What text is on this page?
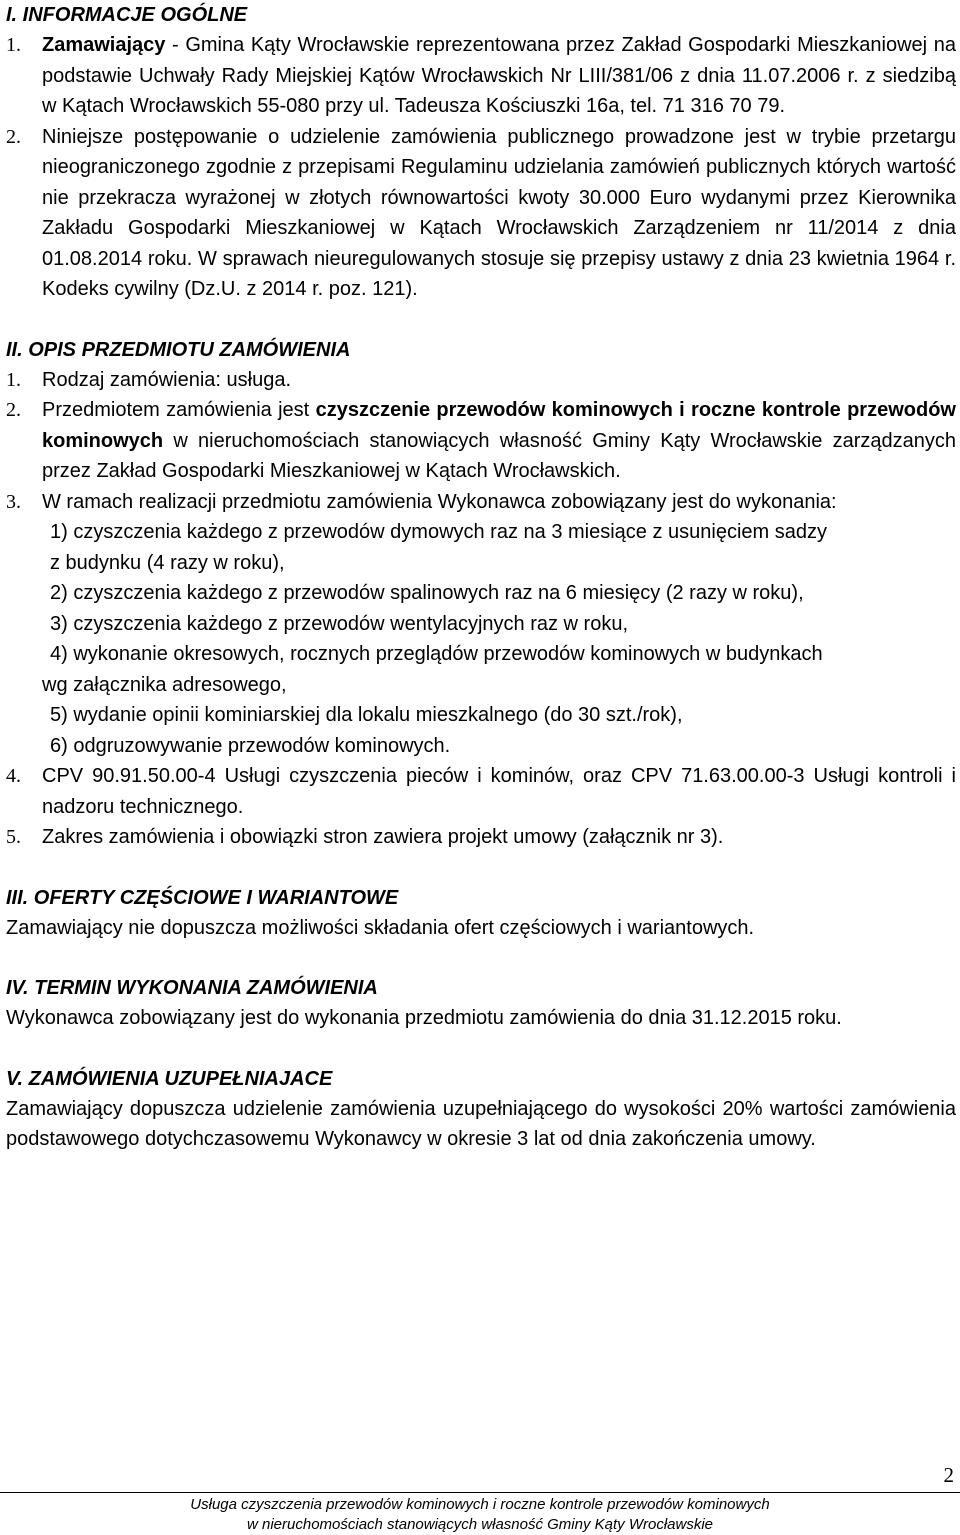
I. INFORMACJE OGÓLNE

1.	Zamawiający - Gmina Kąty Wrocławskie reprezentowana przez Zakład Gospodarki Mieszkaniowej na podstawie Uchwały Rady Miejskiej Kątów Wrocławskich Nr LIII/381/06 z dnia 11.07.2006 r. z siedzibą w Kątach Wrocławskich 55-080 przy ul. Tadeusza Kościuszki 16a, tel. 71 316 70 79.
2.	Niniejsze postępowanie o udzielenie zamówienia publicznego prowadzone jest w trybie przetargu nieograniczonego zgodnie z przepisami Regulaminu udzielania zamówień publicznych których wartość nie przekracza wyrażonej w złotych równowartości kwoty 30.000 Euro wydanymi przez Kierownika Zakładu Gospodarki Mieszkaniowej w Kątach Wrocławskich Zarządzeniem nr 11/2014 z dnia 01.08.2014 roku. W sprawach nieuregulowanych stosuje się przepisy ustawy z dnia 23 kwietnia 1964 r. Kodeks cywilny (Dz.U. z 2014 r. poz. 121).

II. OPIS PRZEDMIOTU ZAMÓWIENIA

1.	Rodzaj zamówienia: usługa.
2.	Przedmiotem zamówienia jest czyszczenie przewodów kominowych i roczne kontrole przewodów kominowych w nieruchomościach stanowiących własność Gminy Kąty Wrocławskie zarządzanych przez Zakład Gospodarki Mieszkaniowej w Kątach Wrocławskich.
3.	W ramach realizacji przedmiotu zamówienia Wykonawca zobowiązany jest do wykonania:

1) czyszczenia każdego z przewodów dymowych raz na 3 miesiące z usunięciem sadzy

z budynku (4 razy w roku),

2) czyszczenia każdego z przewodów spalinowych raz na 6 miesięcy (2 razy w roku),

3) czyszczenia każdego z przewodów wentylacyjnych raz w roku,

4) wykonanie okresowych, rocznych przeglądów przewodów kominowych w budynkach

wg załącznika adresowego,

5) wydanie opinii kominiarskiej dla lokalu mieszkalnego (do 30 szt./rok),

6) odgruzowywanie przewodów kominowych.

4.	CPV 90.91.50.00-4 Usługi czyszczenia pieców i kominów, oraz CPV 71.63.00.00-3 Usługi kontroli i nadzoru technicznego.
5.	Zakres zamówienia i obowiązki stron zawiera projekt umowy (załącznik nr 3).

III. OFERTY CZĘŚCIOWE I WARIANTOWE

Zamawiający nie dopuszcza możliwości składania ofert częściowych i wariantowych.

IV. TERMIN WYKONANIA ZAMÓWIENIA

Wykonawca zobowiązany jest do wykonania przedmiotu zamówienia do dnia 31.12.2015 roku.

V. ZAMÓWIENIA UZUPEŁNIAJACE

Zamawiający dopuszcza udzielenie zamówienia uzupełniającego do wysokości 20% wartości zamówienia podstawowego dotychczasowemu Wykonawcy w okresie 3 lat od dnia zakończenia umowy.

2
Usługa czyszczenia przewodów kominowych i roczne kontrole przewodów kominowych
w nieruchomościach stanowiących własność Gminy Kąty Wrocławskie
